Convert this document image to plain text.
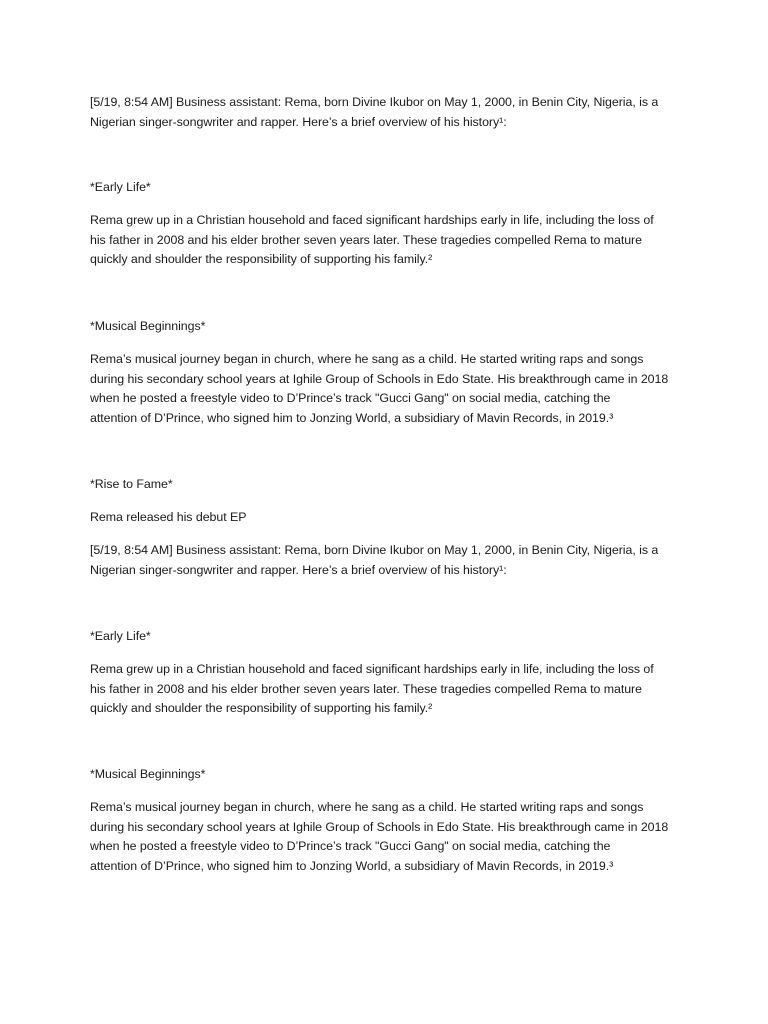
[5/19, 8:54 AM] Business assistant: Rema, born Divine Ikubor on May 1, 2000, in Benin City, Nigeria, is a
Nigerian singer-songwriter and rapper. Here’s a brief overview of his history¹:

*Early Life*

Rema grew up in a Christian household and faced significant hardships early in life, including the loss of
his father in 2008 and his elder brother seven years later. These tragedies compelled Rema to mature
quickly and shoulder the responsibility of supporting his family.²

*Musical Beginnings*

Rema’s musical journey began in church, where he sang as a child. He started writing raps and songs
during his secondary school years at Ighile Group of Schools in Edo State. His breakthrough came in 2018
when he posted a freestyle video to D’Prince’s track "Gucci Gang" on social media, catching the
attention of D’Prince, who signed him to Jonzing World, a subsidiary of Mavin Records, in 2019.³

*Rise to Fame*

Rema released his debut EP

[5/19, 8:54 AM] Business assistant: Rema, born Divine Ikubor on May 1, 2000, in Benin City, Nigeria, is a
Nigerian singer-songwriter and rapper. Here’s a brief overview of his history¹:

*Early Life*

Rema grew up in a Christian household and faced significant hardships early in life, including the loss of
his father in 2008 and his elder brother seven years later. These tragedies compelled Rema to mature
quickly and shoulder the responsibility of supporting his family.²

*Musical Beginnings*

Rema’s musical journey began in church, where he sang as a child. He started writing raps and songs
during his secondary school years at Ighile Group of Schools in Edo State. His breakthrough came in 2018
when he posted a freestyle video to D’Prince’s track "Gucci Gang" on social media, catching the
attention of D’Prince, who signed him to Jonzing World, a subsidiary of Mavin Records, in 2019.³
